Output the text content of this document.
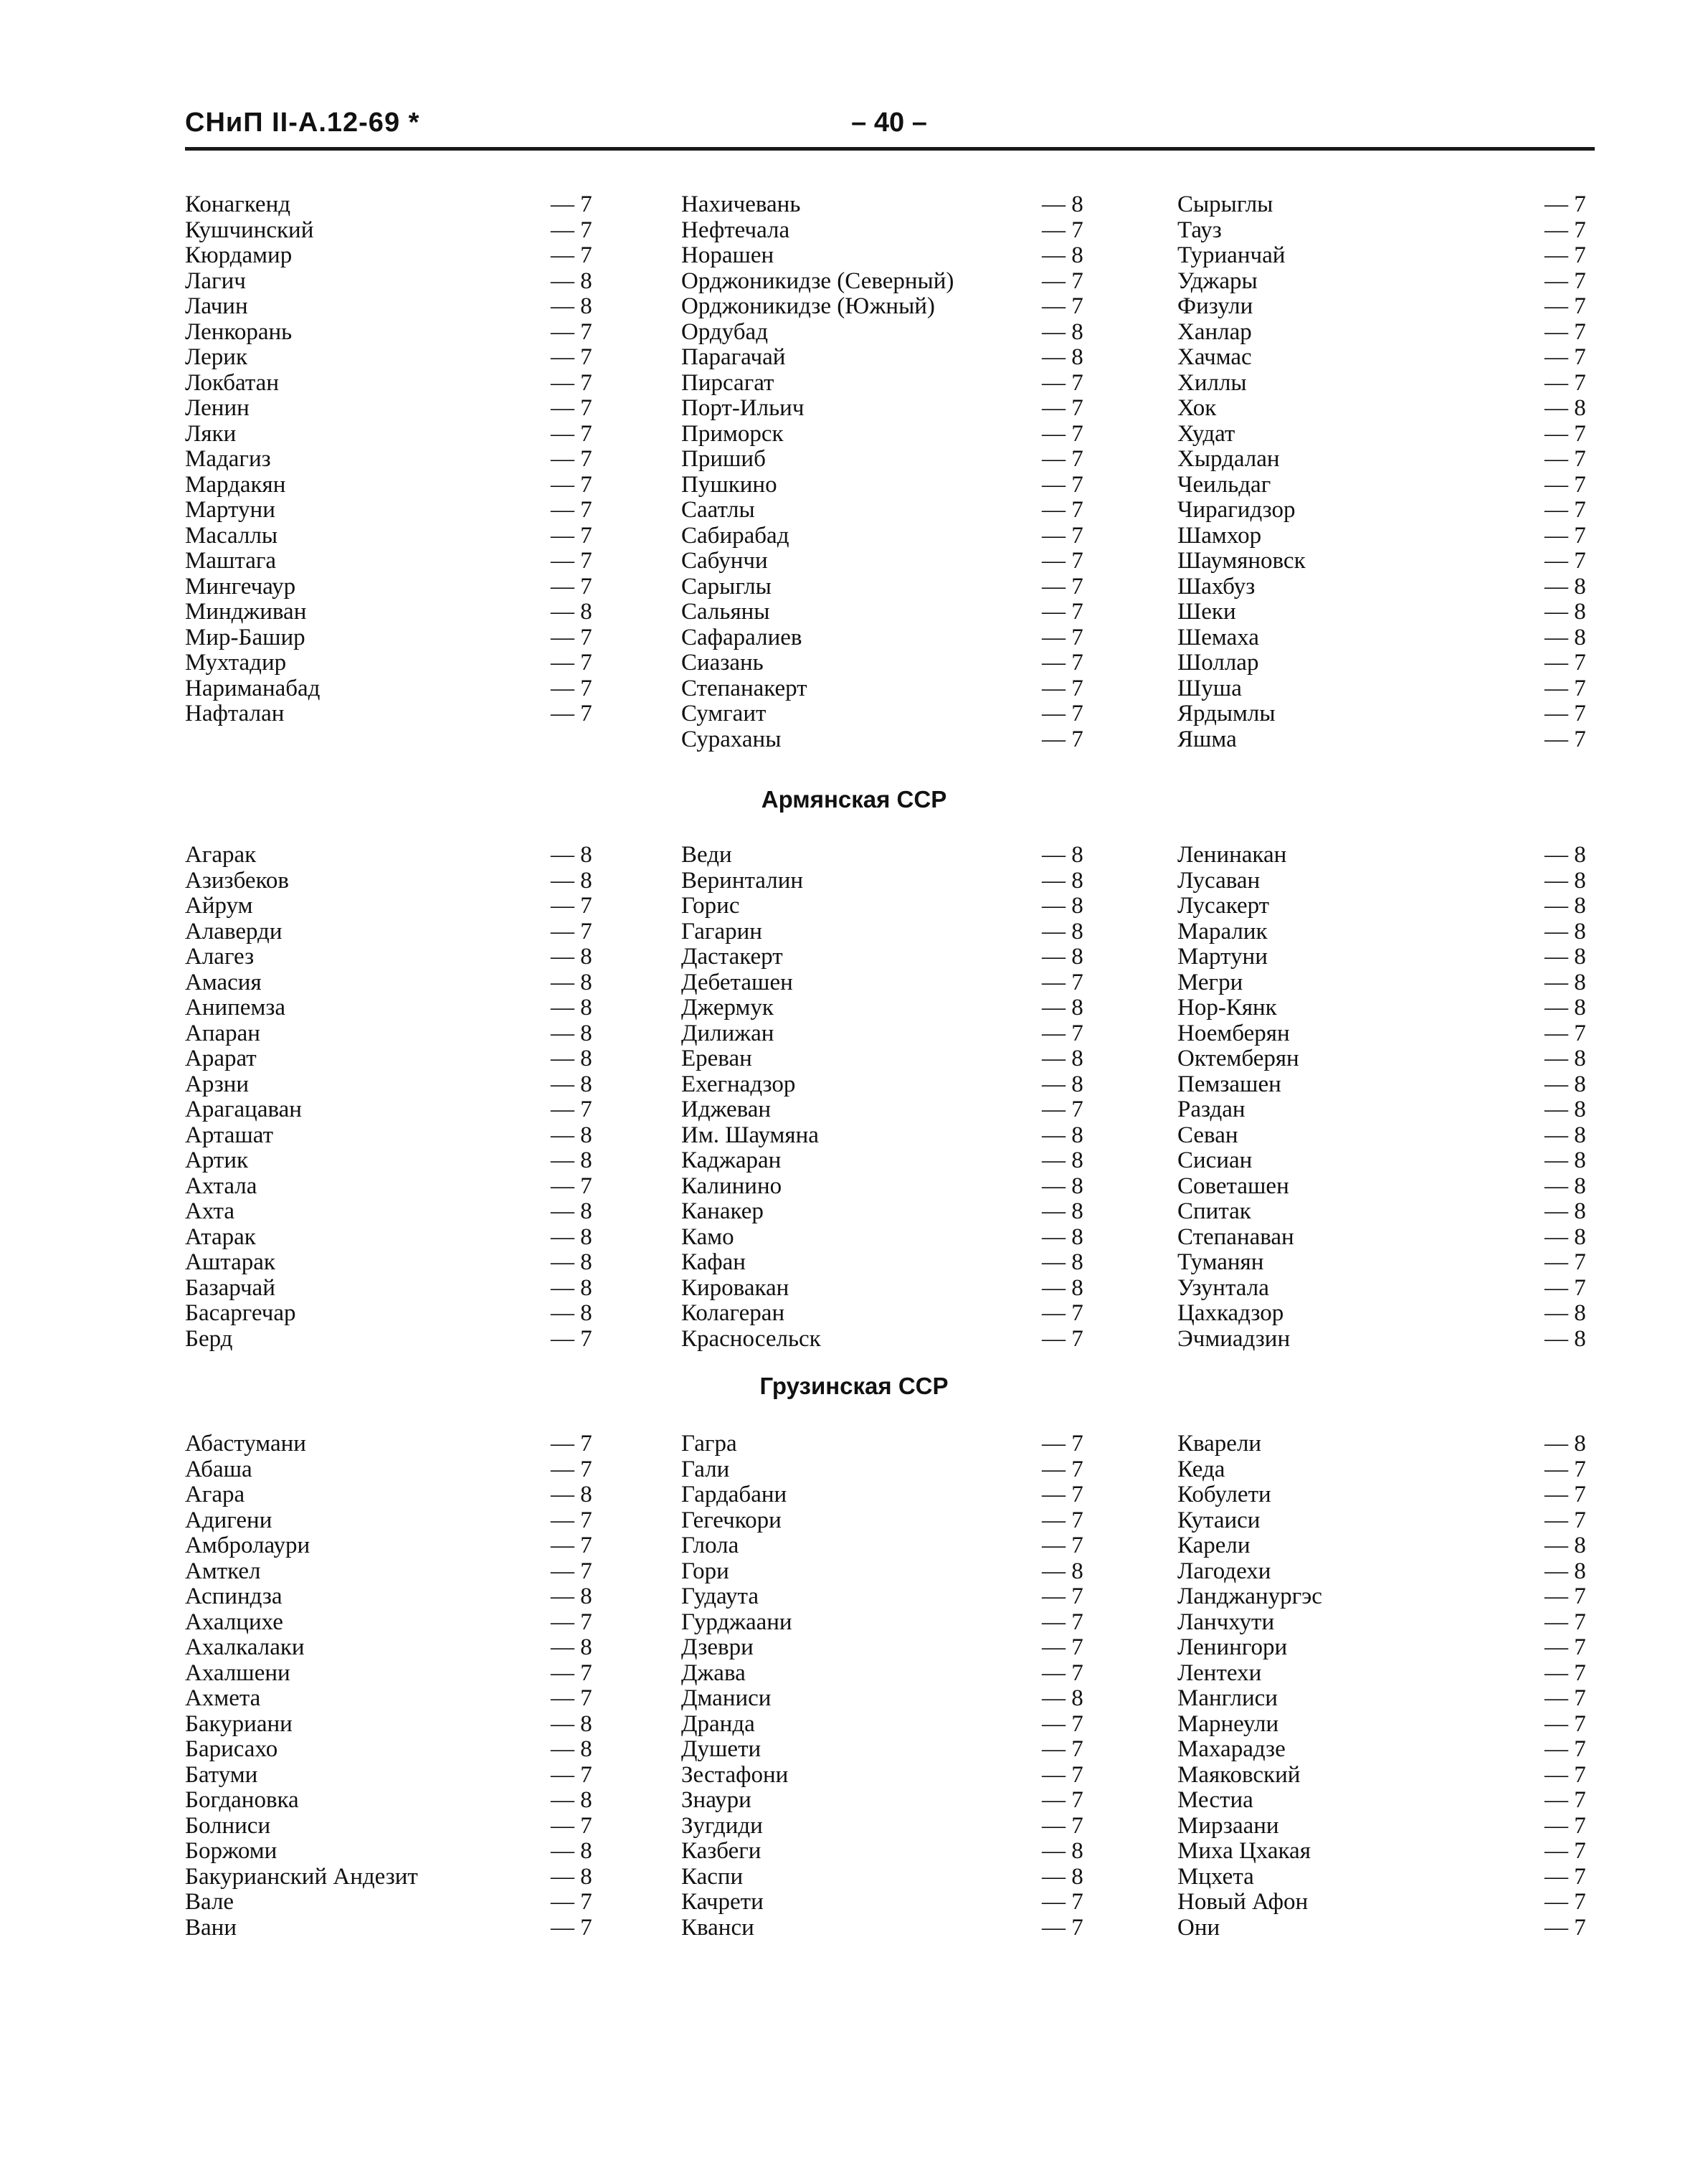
СНиП II-А.12-69 *	– 40 –
Конагкенд	— 7
Кушчинский	— 7
Кюрдамир	— 7
Лагич	— 8
Лачин	— 8
Ленкорань	— 7
Лерик	— 7
Локбатан	— 7
Ленин	— 7
Ляки	— 7
Мадагиз	— 7
Мардакян	— 7
Мартуни	— 7
Масаллы	— 7
Маштага	— 7
Мингечаур	— 7
Миндживан	— 8
Мир-Башир	— 7
Мухтадир	— 7
Нариманабад	— 7
Нафталан	— 7
Нахичевань	— 8
Нефтечала	— 7
Норашен	— 8
Орджоникидзе (Северный)	— 7
Орджоникидзе (Южный)	— 7
Ордубад	— 8
Парагачай	— 8
Пирсагат	— 7
Порт-Ильич	— 7
Приморск	— 7
Пришиб	— 7
Пушкино	— 7
Саатлы	— 7
Сабирабад	— 7
Сабунчи	— 7
Сарыглы	— 7
Сальяны	— 7
Сафаралиев	— 7
Сиазань	— 7
Степанакерт	— 7
Сумгаит	— 7
Сураханы	— 7
Сырыглы	— 7
Тауз	— 7
Турианчай	— 7
Уджары	— 7
Физули	— 7
Ханлар	— 7
Хачмас	— 7
Хиллы	— 7
Хок	— 8
Худат	— 7
Хырдалан	— 7
Чеильдаг	— 7
Чирагидзор	— 7
Шамхор	— 7
Шаумяновск	— 7
Шахбуз	— 8
Шеки	— 8
Шемаха	— 8
Шоллар	— 7
Шуша	— 7
Ярдымлы	— 7
Яшма	— 7
Армянская ССР
Агарак	— 8
Азизбеков	— 8
Айрум	— 7
Алаверди	— 7
Алагез	— 8
Амасия	— 8
Анипемза	— 8
Апаран	— 8
Арарат	— 8
Арзни	— 8
Арагацаван	— 7
Арташат	— 8
Артик	— 8
Ахтала	— 7
Ахта	— 8
Атарак	— 8
Аштарак	— 8
Базарчай	— 8
Басаргечар	— 8
Берд	— 7
Веди	— 8
Веринталин	— 8
Горис	— 8
Гагарин	— 8
Дастакерт	— 8
Дебеташен	— 7
Джермук	— 8
Дилижан	— 7
Ереван	— 8
Ехегнадзор	— 8
Иджеван	— 7
Им. Шаумяна	— 8
Каджаран	— 8
Калинино	— 8
Канакер	— 8
Камо	— 8
Кафан	— 8
Кировакан	— 8
Колагеран	— 7
Красносельск	— 7
Ленинакан	— 8
Лусаван	— 8
Лусакерт	— 8
Маралик	— 8
Мартуни	— 8
Мегри	— 8
Нор-Кянк	— 8
Ноемберян	— 7
Октемберян	— 8
Пемзашен	— 8
Раздан	— 8
Севан	— 8
Сисиан	— 8
Советашен	— 8
Спитак	— 8
Степанаван	— 8
Туманян	— 7
Узунтала	— 7
Цахкадзор	— 8
Эчмиадзин	— 8
Грузинская ССР
Абастумани	— 7
Абаша	— 7
Агара	— 8
Адигени	— 7
Амбролаури	— 7
Амткел	— 7
Аспиндза	— 8
Ахалцихе	— 7
Ахалкалаки	— 8
Ахалшени	— 7
Ахмета	— 7
Бакуриани	— 8
Барисахо	— 8
Батуми	— 7
Богдановка	— 8
Болниси	— 7
Боржоми	— 8
Бакурианский Андезит	— 8
Вале	— 7
Вани	— 7
Гагра	— 7
Гали	— 7
Гардабани	— 7
Гегечкори	— 7
Глола	— 7
Гори	— 8
Гудаута	— 7
Гурджаани	— 7
Дзеври	— 7
Джава	— 7
Дманиси	— 8
Дранда	— 7
Душети	— 7
Зестафони	— 7
Знаури	— 7
Зугдиди	— 7
Казбеги	— 8
Каспи	— 8
Качрети	— 7
Кванси	— 7
Кварели	— 8
Кеда	— 7
Кобулети	— 7
Кутаиси	— 7
Карели	— 8
Лагодехи	— 8
Ланджанургэс	— 7
Ланчхути	— 7
Ленингори	— 7
Лентехи	— 7
Манглиси	— 7
Марнеули	— 7
Махарадзе	— 7
Маяковский	— 7
Местиа	— 7
Мирзаани	— 7
Миха Цхакая	— 7
Мцхета	— 7
Новый Афон	— 7
Они	— 7
